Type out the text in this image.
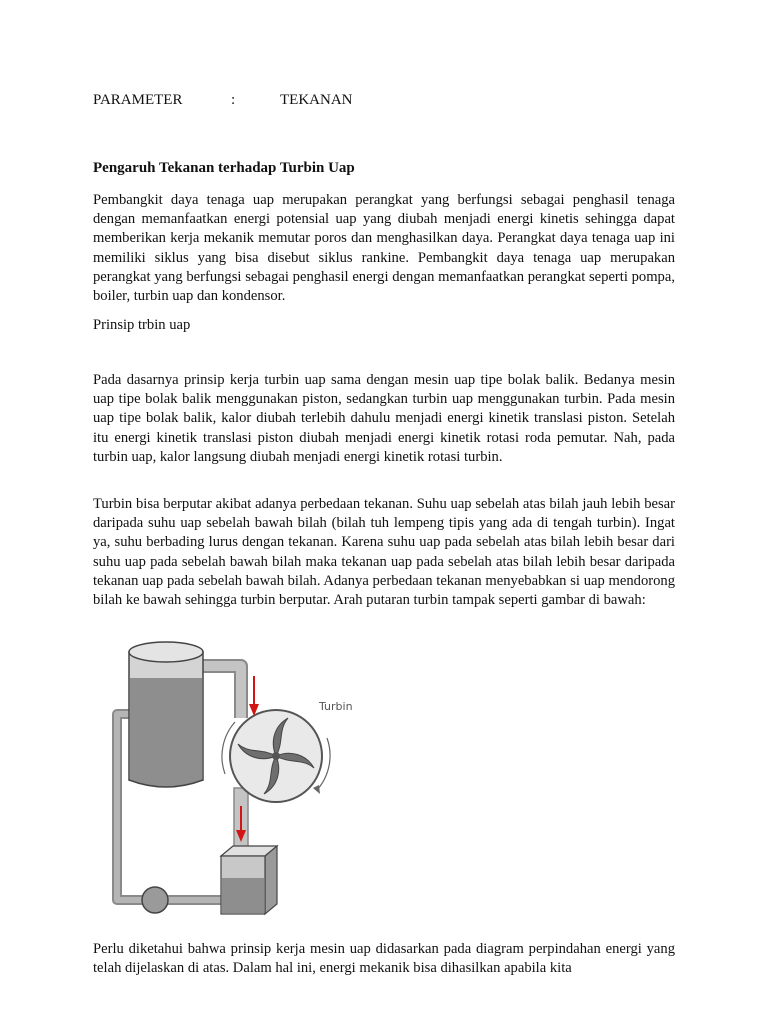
PARAMETER	:	TEKANAN
Pengaruh Tekanan terhadap Turbin Uap

Pembangkit daya tenaga uap merupakan perangkat yang berfungsi sebagai penghasil tenaga dengan memanfaatkan energi potensial uap yang diubah menjadi energi kinetis sehingga dapat memberikan kerja mekanik memutar poros dan menghasilkan daya. Perangkat daya tenaga uap ini memiliki siklus yang bisa disebut siklus rankine. Pembangkit daya tenaga uap merupakan perangkat yang berfungsi sebagai penghasil energi dengan memanfaatkan perangkat seperti pompa, boiler, turbin uap dan kondensor.

Prinsip trbin uap

Pada dasarnya prinsip kerja turbin uap sama dengan mesin uap tipe bolak balik. Bedanya mesin uap tipe bolak balik menggunakan piston, sedangkan turbin uap menggunakan turbin. Pada mesin uap tipe bolak balik, kalor diubah terlebih dahulu menjadi energi kinetik translasi piston. Setelah itu energi kinetik translasi piston diubah menjadi energi kinetik rotasi roda pemutar. Nah, pada turbin uap, kalor langsung diubah menjadi energi kinetik rotasi turbin.

Turbin bisa berputar akibat adanya perbedaan tekanan. Suhu uap sebelah atas bilah jauh lebih besar daripada suhu uap sebelah bawah bilah (bilah tuh lempeng tipis yang ada di tengah turbin). Ingat ya, suhu berbading lurus dengan tekanan. Karena suhu uap pada sebelah atas bilah lebih besar dari suhu uap pada sebelah bawah bilah maka tekanan uap pada sebelah atas bilah lebih besar daripada tekanan uap pada sebelah bawah bilah. Adanya perbedaan tekanan menyebabkan si uap mendorong bilah ke bawah sehingga turbin berputar. Arah putaran turbin tampak seperti gambar di bawah:

Perlu diketahui bahwa prinsip kerja mesin uap didasarkan pada diagram perpindahan energi yang telah dijelaskan di atas. Dalam hal ini, energi mekanik bisa dihasilkan apabila kita

Turbin
